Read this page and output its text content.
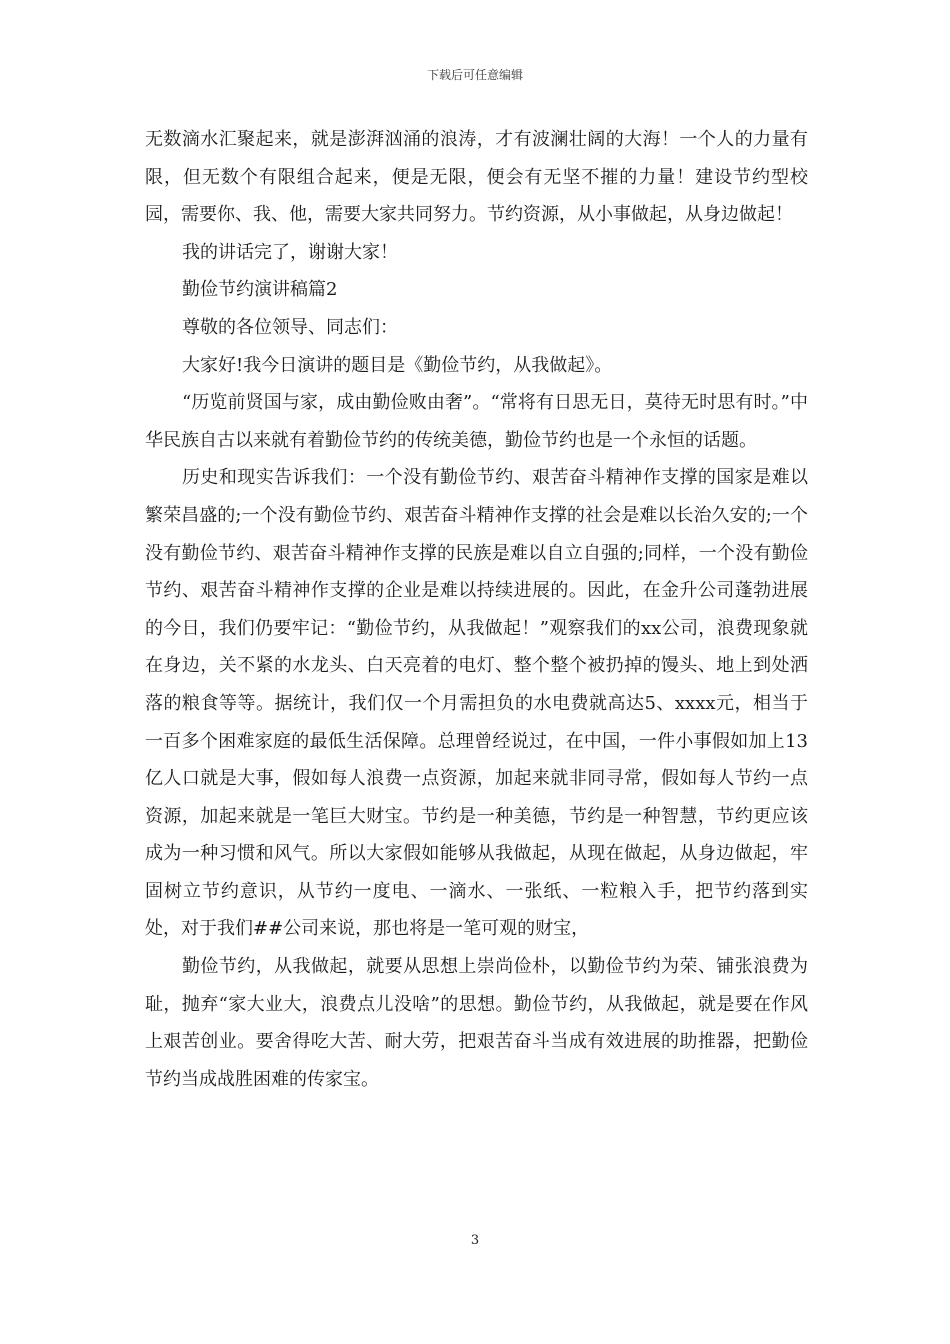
下载后可任意编辑

无数滴水汇聚起来，就是澎湃汹涌的浪涛，才有波澜壮阔的大海！一个人的力量有限，但无数个有限组合起来，便是无限，便会有无坚不摧的力量！建设节约型校园，需要你、我、他，需要大家共同努力。节约资源，从小事做起，从身边做起！

我的讲话完了，谢谢大家！

勤俭节约演讲稿篇2

尊敬的各位领导、同志们：

大家好!我今日演讲的题目是《勤俭节约，从我做起》。

“历览前贤国与家，成由勤俭败由奢”。“常将有日思无日，莫待无时思有时。”中华民族自古以来就有着勤俭节约的传统美德，勤俭节约也是一个永恒的话题。

历史和现实告诉我们：一个没有勤俭节约、艰苦奋斗精神作支撑的国家是难以繁荣昌盛的;一个没有勤俭节约、艰苦奋斗精神作支撑的社会是难以长治久安的;一个没有勤俭节约、艰苦奋斗精神作支撑的民族是难以自立自强的;同样，一个没有勤俭节约、艰苦奋斗精神作支撑的企业是难以持续进展的。因此，在金升公司蓬勃进展的今日，我们仍要牢记：“勤俭节约，从我做起！”观察我们的xx公司，浪费现象就在身边，关不紧的水龙头、白天亮着的电灯、整个整个被扔掉的馒头、地上到处洒落的粮食等等。据统计，我们仅一个月需担负的水电费就高达5、xxxx元，相当于一百多个困难家庭的最低生活保障。总理曾经说过，在中国，一件小事假如加上13亿人口就是大事，假如每人浪费一点资源，加起来就非同寻常，假如每人节约一点资源，加起来就是一笔巨大财宝。节约是一种美德，节约是一种智慧，节约更应该成为一种习惯和风气。所以大家假如能够从我做起，从现在做起，从身边做起，牢固树立节约意识，从节约一度电、一滴水、一张纸、一粒粮入手，把节约落到实处，对于我们##公司来说，那也将是一笔可观的财宝，

勤俭节约，从我做起，就要从思想上崇尚俭朴，以勤俭节约为荣、铺张浪费为耻，抛弃“家大业大，浪费点儿没啥”的思想。勤俭节约，从我做起，就是要在作风上艰苦创业。要舍得吃大苦、耐大劳，把艰苦奋斗当成有效进展的助推器，把勤俭节约当成战胜困难的传家宝。

3
